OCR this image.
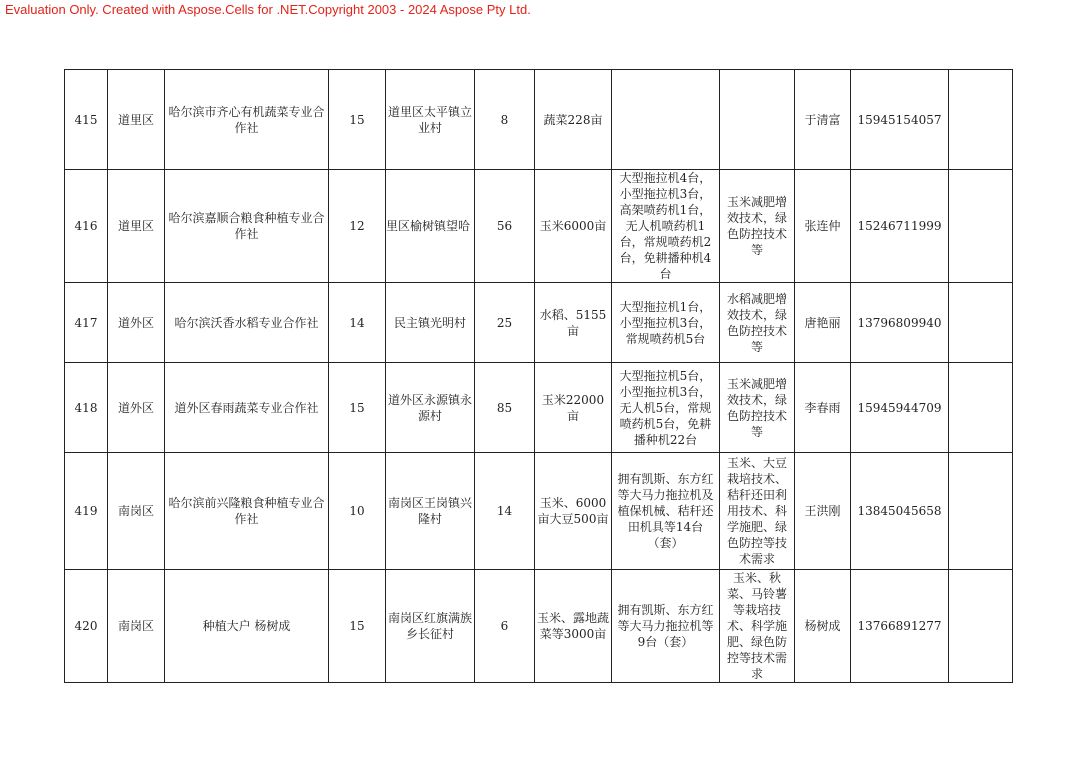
Evaluation Only. Created with Aspose.Cells for .NET.Copyright 2003 - 2024 Aspose Pty Ltd.
415	道里区	哈尔滨市齐心有机蔬菜专业合作社	15	道里区太平镇立业村	8	蔬菜228亩			于清富	15945154057	
416	道里区	哈尔滨嘉顺合粮食种植专业合作社	12	里区榆树镇望哈	56	玉米6000亩	大型拖拉机4台，小型拖拉机3台，高架喷药机1台，无人机喷药机1台，常规喷药机2台，免耕播种机4台	玉米减肥增效技术，绿色防控技术等	张连仲	15246711999	
417	道外区	哈尔滨沃香水稻专业合作社	14	民主镇光明村	25	水稻、5155亩	大型拖拉机1台，小型拖拉机3台，常规喷药机5台	水稻减肥增效技术，绿色防控技术等	唐艳丽	13796809940	
418	道外区	道外区春雨蔬菜专业合作社	15	道外区永源镇永源村	85	玉米22000亩	大型拖拉机5台，小型拖拉机3台，无人机5台，常规喷药机5台，免耕播种机22台	玉米减肥增效技术，绿色防控技术等	李春雨	15945944709	
419	南岗区	哈尔滨前兴隆粮食种植专业合作社	10	南岗区王岗镇兴隆村	14	玉米、6000亩大豆500亩	拥有凯斯、东方红等大马力拖拉机及植保机械、秸秆还田机具等14台（套）	玉米、大豆栽培技术、秸秆还田利用技术、科学施肥、绿色防控等技术需求	王洪刚	13845045658	
420	南岗区	种植大户 杨树成	15	南岗区红旗满族乡长征村	6	玉米、露地蔬菜等3000亩	拥有凯斯、东方红等大马力拖拉机等9台（套）	玉米、秋菜、马铃薯等栽培技术、科学施肥、绿色防控等技术需求	杨树成	13766891277	
